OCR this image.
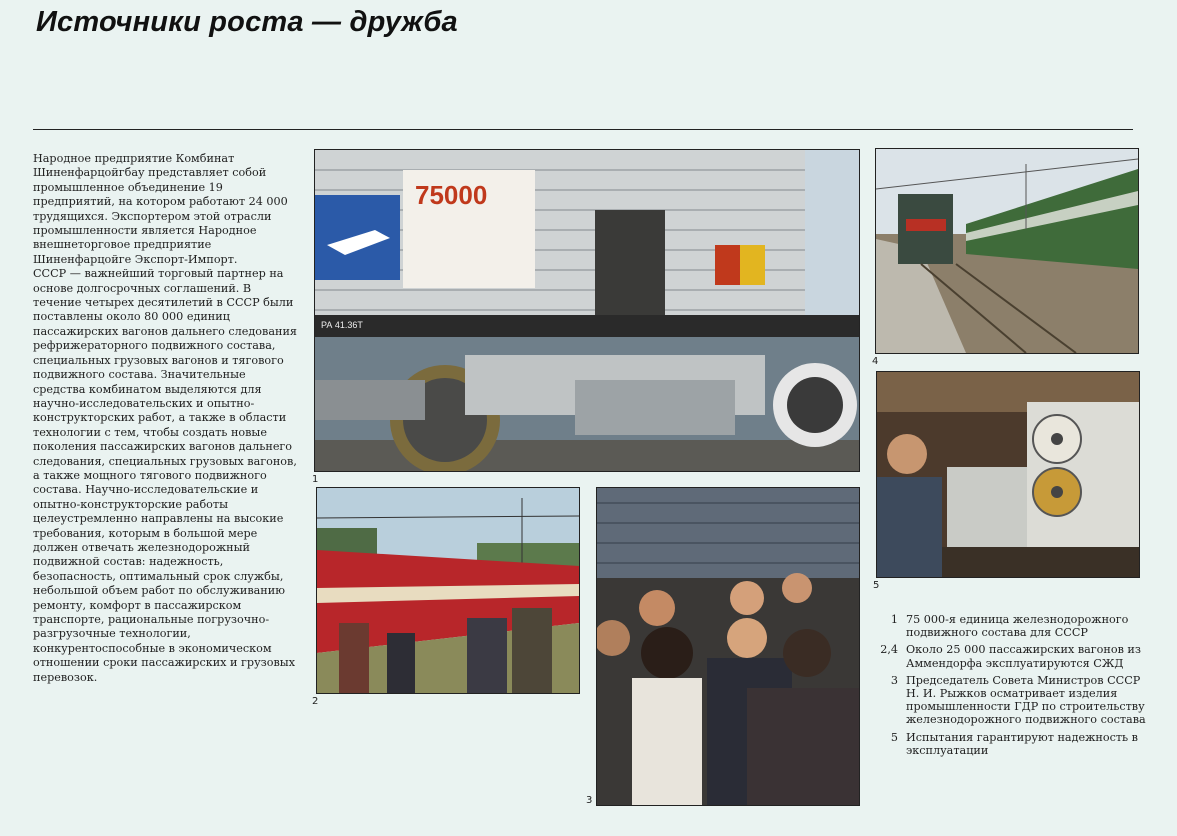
Источники роста — дружба

Народное предприятие Комбинат Шиненфарцойгбау представляет собой промышленное объединение 19 предприятий, на котором работают 24 000 трудящихся. Экспортером этой отрасли промышленности является Народное внешнеторговое предприятие Шиненфарцойге Экспорт-Импорт.

СССР — важнейший торговый партнер на основе долгосрочных соглашений. В течение четырех десятилетий в СССР были поставлены около 80 000 единиц пассажирских вагонов дальнего следования рефрижераторного подвижного состава, специальных грузовых вагонов и тягового подвижного состава. Значительные средства комбинатом выделяются для научно-исследовательских и опытно-конструкторских работ, а также в области технологии с тем, чтобы создать новые поколения пассажирских вагонов дальнего следования, специальных грузовых вагонов, а также мощного тягового подвижного состава. Научно-исследовательские и опытно-конструкторские работы целеустремленно направлены на высокие требования, которым в большой мере должен отвечать железнодорожный подвижной состав: надежность, безопасность, оптимальный срок службы, небольшой объем работ по обслуживанию ремонту, комфорт в пассажирском транспорте, рациональные погрузочно-разгрузочные технологии, конкурентоспособные в экономическом отношении сроки пассажирских и грузовых перевозок.

75000
РА 41.36Т
1
2
3
4
5
1 75 000-я единица железнодорожного подвижного состава для СССР
2,4 Около 25 000 пассажирских вагонов из Аммендорфа эксплуатируются СЖД
3 Председатель Совета Министров СССР Н. И. Рыжков осматривает изделия промышленности ГДР по строительству железнодорожного подвижного состава
5 Испытания гарантируют надежность в эксплуатации
